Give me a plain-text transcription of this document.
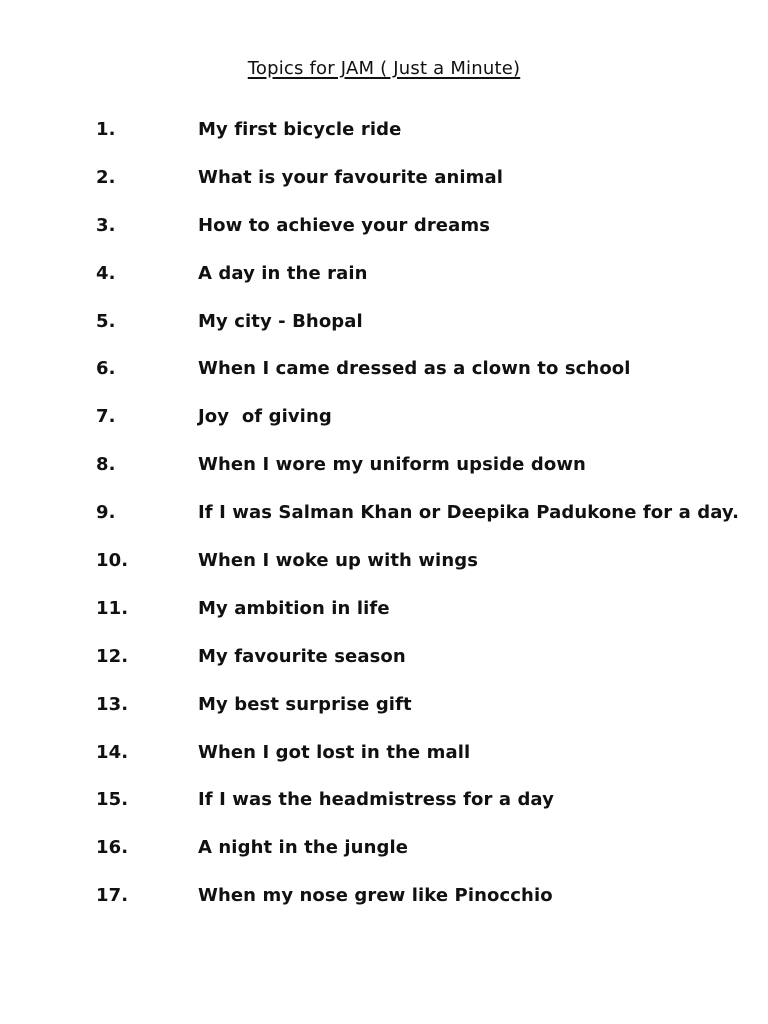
Topics for JAM ( Just a Minute)
1.	My first bicycle ride
2.	What is your favourite animal
3.	How to achieve your dreams
4.	A day in the rain
5.	My city - Bhopal
6.	When I came dressed as a clown to school
7.	Joy  of giving
8.	When I wore my uniform upside down
9.	If I was Salman Khan or Deepika Padukone for a day.
10.	When I woke up with wings
11.	My ambition in life
12.	My favourite season
13.	My best surprise gift
14.	When I got lost in the mall
15.	If I was the headmistress for a day
16.	A night in the jungle
17.	When my nose grew like Pinocchio
